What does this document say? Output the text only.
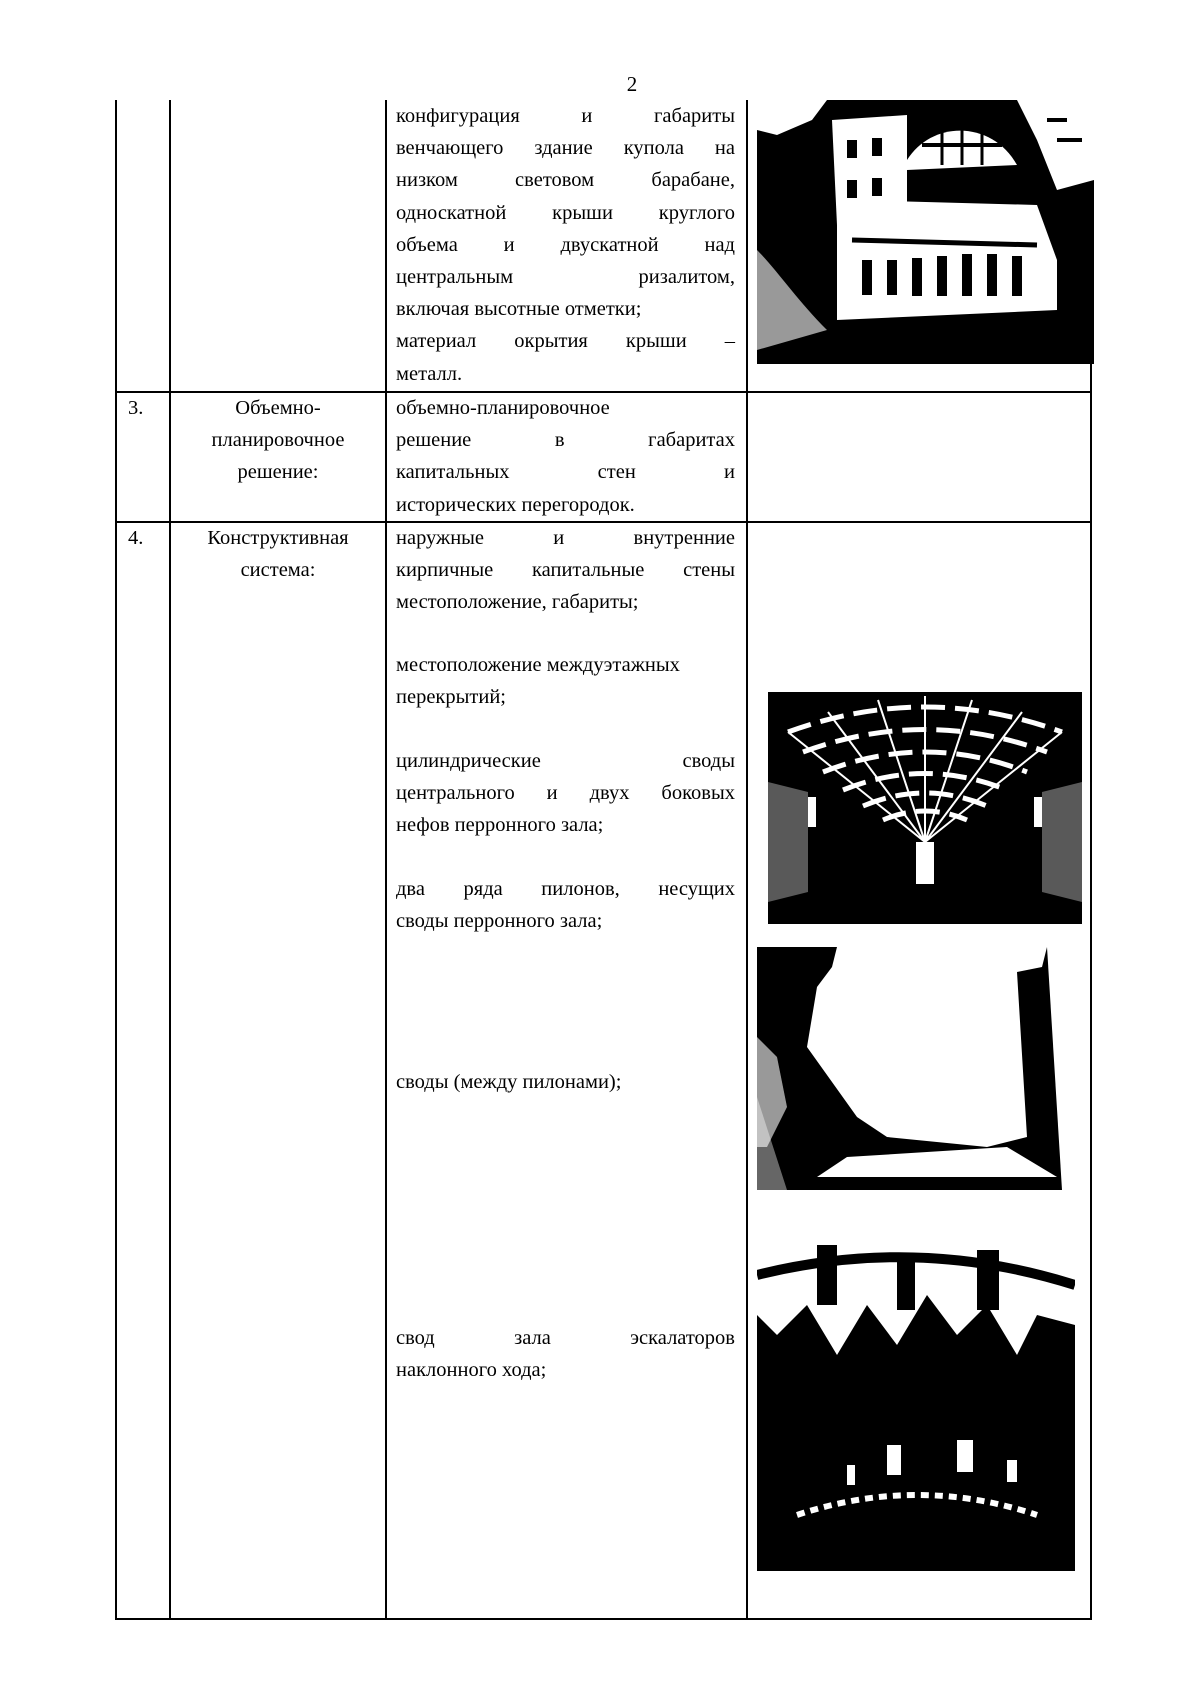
2
конфигурация и габариты
венчающего здание купола на
низком световом барабане,
односкатной крыши круглого
объема и двускатной над
центральным ризалитом,
включая высотные отметки;
материал окрытия крыши –
металл.
3.	Объемно-
планировочное
решение:
объемно-планировочное
решение в габаритах
капитальных стен и
исторических перегородок.
4.	Конструктивная
система:
наружные и внутренние
кирпичные капитальные стены
местоположение, габариты;
местоположение междуэтажных
перекрытий;
цилиндрические своды
центрального и двух боковых
нефов перронного зала;
два ряда пилонов, несущих
своды перронного зала;
своды (между пилонами);
свод зала эскалаторов
наклонного хода;
